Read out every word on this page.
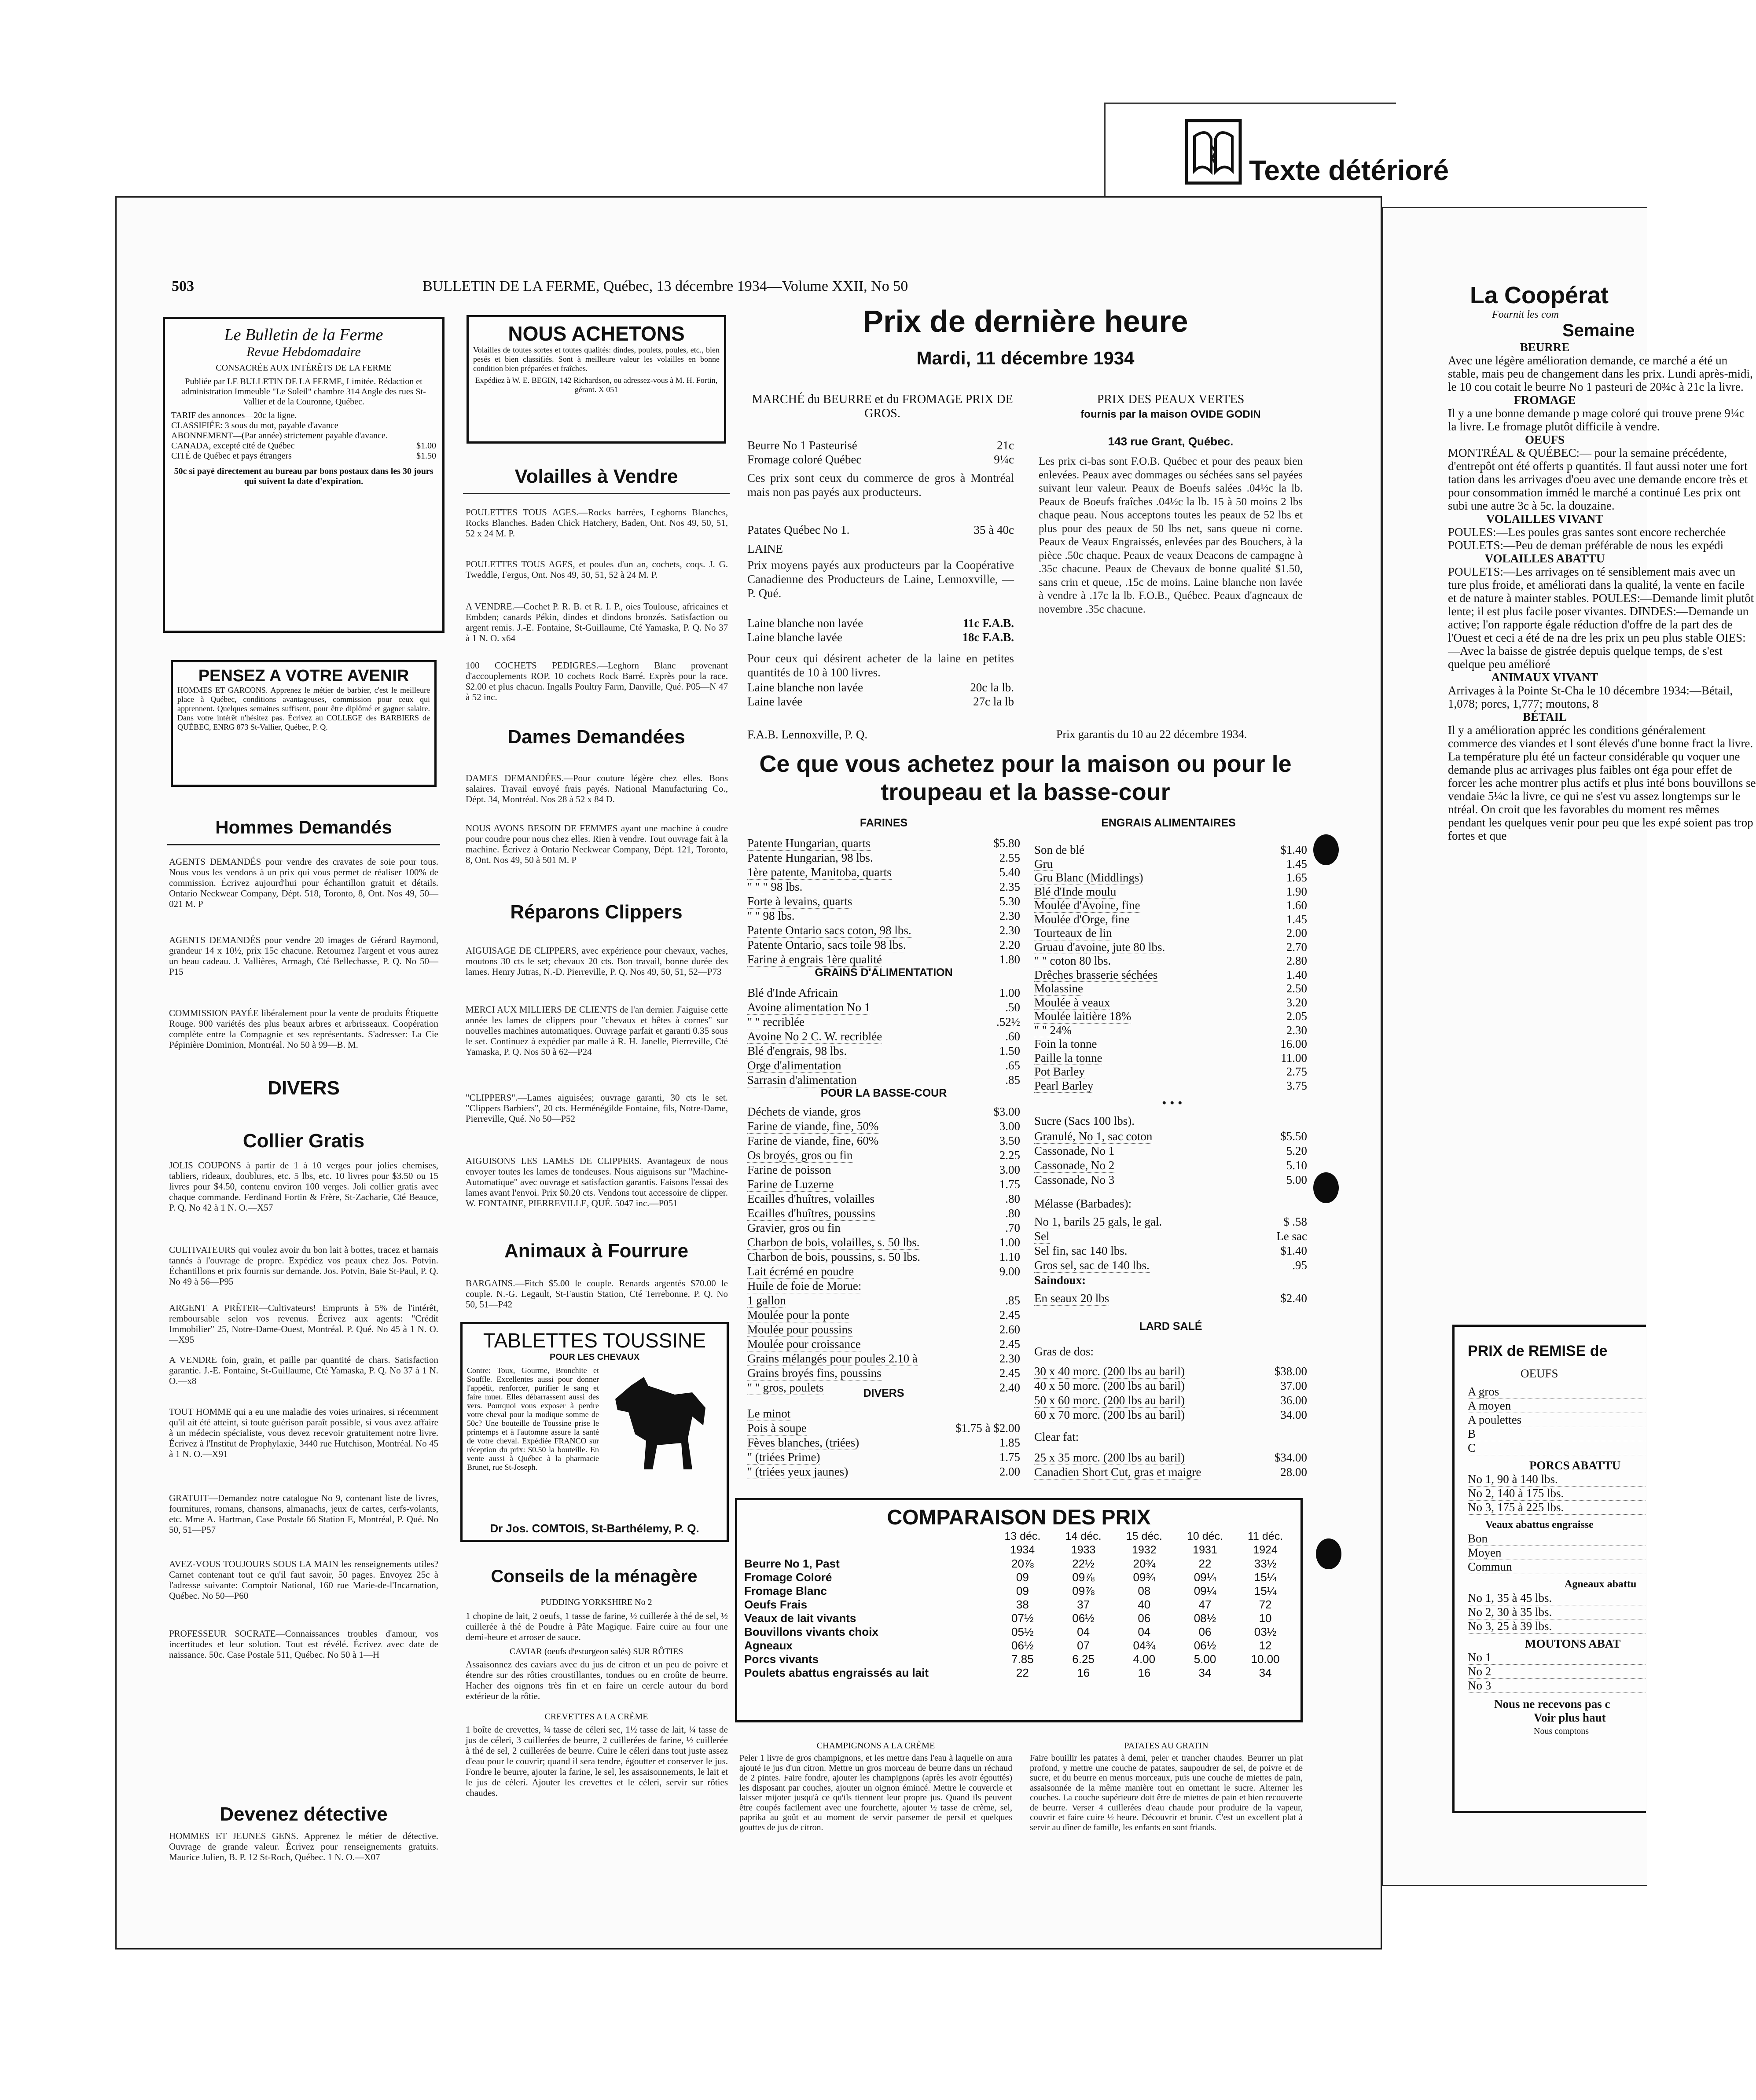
Texte détérioré
503	BULLETIN DE LA FERME, Québec, 13 décembre 1934—Volume XXII, No 50
Le Bulletin de la Ferme
Revue Hebdomadaire
CONSACRÉE AUX INTÉRÊTS DE LA FERME
Publiée par LE BULLETIN DE LA FERME, Limitée. Rédaction et administration Immeuble "Le Soleil" chambre 314 Angle des rues St-Vallier et de la Couronne, Québec.
TARIF des annonces—20c la ligne.
CLASSIFIÉE: 3 sous du mot, payable d'avance
ABONNEMENT—(Par année) strictement payable d'avance.
CANADA, excepté cité de Québec	$1.00
CITÉ de Québec et pays étrangers	$1.50
50c si payé directement au bureau par bons postaux dans les 30 jours qui suivent la date d'expiration.
PENSEZ A VOTRE AVENIR
HOMMES ET GARCONS. Apprenez le métier de barbier, c'est le meilleure place à Québec, conditions avantageuses, commission pour ceux qui apprennent. Quelques semaines suffisent, pour être diplômé et gagner salaire. Dans votre intérêt n'hésitez pas. Écrivez au COLLEGE des BARBIERS de QUÉBEC, ENRG 873 St-Vallier, Québec, P. Q.
Hommes Demandés
AGENTS DEMANDÉS pour vendre des cravates de soie pour tous. Nous vous les vendons à un prix qui vous permet de réaliser 100% de commission. Écrivez aujourd'hui pour échantillon gratuit et détails. Ontario Neckwear Company, Dépt. 518, Toronto, 8, Ont. Nos 49, 50—021 M. P
AGENTS DEMANDÉS pour vendre 20 images de Gérard Raymond, grandeur 14 x 10½, prix 15c chacune. Retournez l'argent et vous aurez un beau cadeau. J. Vallières, Armagh, Cté Bellechasse, P. Q. No 50—P15
COMMISSION PAYÉE libéralement pour la vente de produits Étiquette Rouge. 900 variétés des plus beaux arbres et arbrisseaux. Coopération complète entre la Compagnie et ses représentants. S'adresser: La Cie Pépinière Dominion, Montréal. No 50 à 99—B. M.
DIVERS
Collier Gratis
JOLIS COUPONS à partir de 1 à 10 verges pour jolies chemises, tabliers, rideaux, doublures, etc. 5 lbs, etc. 10 livres pour $3.50 ou 15 livres pour $4.50, contenu environ 100 verges. Joli collier gratis avec chaque commande. Ferdinand Fortin & Frère, St-Zacharie, Cté Beauce, P. Q. No 42 à 1 N. O.—X57
CULTIVATEURS qui voulez avoir du bon lait à bottes, tracez et harnais tannés à l'ouvrage de propre. Expédiez vos peaux chez Jos. Potvin. Échantillons et prix fournis sur demande. Jos. Potvin, Baie St-Paul, P. Q. No 49 à 56—P95
ARGENT A PRÊTER—Cultivateurs! Emprunts à 5% de l'intérêt, remboursable selon vos revenus. Écrivez aux agents: "Crédit Immobilier" 25, Notre-Dame-Ouest, Montréal. P. Qué. No 45 à 1 N. O.—X95
A VENDRE foin, grain, et paille par quantité de chars. Satisfaction garantie. J.-E. Fontaine, St-Guillaume, Cté Yamaska, P. Q. No 37 à 1 N. O.—x8
TOUT HOMME qui a eu une maladie des voies urinaires, si récemment qu'il ait été atteint, si toute guérison paraît possible, si vous avez affaire à un médecin spécialiste, vous devez recevoir gratuitement notre livre. Écrivez à l'Institut de Prophylaxie, 3440 rue Hutchison, Montréal. No 45 à 1 N. O.—X91
GRATUIT—Demandez notre catalogue No 9, contenant liste de livres, fournitures, romans, chansons, almanachs, jeux de cartes, cerfs-volants, etc. Mme A. Hartman, Case Postale 66 Station E, Montréal, P. Qué. No 50, 51—P57
AVEZ-VOUS TOUJOURS SOUS LA MAIN les renseignements utiles? Carnet contenant tout ce qu'il faut savoir, 50 pages. Envoyez 25c à l'adresse suivante: Comptoir National, 160 rue Marie-de-l'Incarnation, Québec. No 50—P60
PROFESSEUR SOCRATE—Connaissances troubles d'amour, vos incertitudes et leur solution. Tout est révélé. Écrivez avec date de naissance. 50c. Case Postale 511, Québec. No 50 à 1—H
Devenez détective
HOMMES ET JEUNES GENS. Apprenez le métier de détective. Ouvrage de grande valeur. Écrivez pour renseignements gratuits. Maurice Julien, B. P. 12 St-Roch, Québec. 1 N. O.—X07
NOUS ACHETONS
Volailles de toutes sortes et toutes qualités: dindes, poulets, poules, etc., bien pesés et bien classifiés. Sont à meilleure valeur les volailles en bonne condition bien préparées et fraîches.
Expédiez à W. E. BEGIN, 142 Richardson, ou adressez-vous à M. H. Fortin, gérant. X 051
Volailles à Vendre
POULETTES TOUS AGES.—Rocks barrées, Leghorns Blanches, Rocks Blanches. Baden Chick Hatchery, Baden, Ont. Nos 49, 50, 51, 52 x 24 M. P.
POULETTES TOUS AGES, et poules d'un an, cochets, coqs. J. G. Tweddle, Fergus, Ont. Nos 49, 50, 51, 52 à 24 M. P.
A VENDRE.—Cochet P. R. B. et R. I. P., oies Toulouse, africaines et Embden; canards Pékin, dindes et dindons bronzés. Satisfaction ou argent remis. J.-E. Fontaine, St-Guillaume, Cté Yamaska, P. Q. No 37 à 1 N. O. x64
100 COCHETS PEDIGRES.—Leghorn Blanc provenant d'accouplements ROP. 10 cochets Rock Barré. Exprès pour la race. $2.00 et plus chacun. Ingalls Poultry Farm, Danville, Qué. P05—N 47 à 52 inc.
Dames Demandées
DAMES DEMANDÉES.—Pour couture légère chez elles. Bons salaires. Travail envoyé frais payés. National Manufacturing Co., Dépt. 34, Montréal. Nos 28 à 52 x 84 D.
NOUS AVONS BESOIN DE FEMMES ayant une machine à coudre pour coudre pour nous chez elles. Rien à vendre. Tout ouvrage fait à la machine. Écrivez à Ontario Neckwear Company, Dépt. 121, Toronto, 8, Ont. Nos 49, 50 à 501 M. P
Réparons Clippers
AIGUISAGE DE CLIPPERS, avec expérience pour chevaux, vaches, moutons 30 cts le set; chevaux 20 cts. Bon travail, bonne durée des lames. Henry Jutras, N.-D. Pierreville, P. Q. Nos 49, 50, 51, 52—P73
MERCI AUX MILLIERS DE CLIENTS de l'an dernier. J'aiguise cette année les lames de clippers pour "chevaux et bêtes à cornes" sur nouvelles machines automatiques. Ouvrage parfait et garanti 0.35 sous le set. Continuez à expédier par malle à R. H. Janelle, Pierreville, Cté Yamaska, P. Q. Nos 50 à 62—P24
"CLIPPERS".—Lames aiguisées; ouvrage garanti, 30 cts le set. "Clippers Barbiers", 20 cts. Herménégilde Fontaine, fils, Notre-Dame, Pierreville, Qué. No 50—P52
AIGUISONS LES LAMES DE CLIPPERS. Avantageux de nous envoyer toutes les lames de tondeuses. Nous aiguisons sur "Machine-Automatique" avec ouvrage et satisfaction garantis. Faisons l'essai des lames avant l'envoi. Prix $0.20 cts. Vendons tout accessoire de clipper. W. FONTAINE, PIERREVILLE, QUÉ. 5047 inc.—P051
Animaux à Fourrure
BARGAINS.—Fitch $5.00 le couple. Renards argentés $70.00 le couple. N.-G. Legault, St-Faustin Station, Cté Terrebonne, P. Q. No 50, 51—P42
TABLETTES TOUSSINE
POUR LES CHEVAUX
Contre: Toux, Gourme, Bronchite et Souffle. Excellentes aussi pour donner l'appétit, renforcer, purifier le sang et faire muer. Elles débarrassent aussi des vers. Pourquoi vous exposer à perdre votre cheval pour la modique somme de 50c? Une bouteille de Toussine prise le printemps et à l'automne assure la santé de votre cheval. Expédiée FRANCO sur réception du prix: $0.50 la bouteille. En vente aussi à Québec à la pharmacie Brunet, rue St-Joseph.
Dr Jos. COMTOIS, St-Barthélemy, P. Q.
Conseils de la ménagère
PUDDING YORKSHIRE No 2
1 chopine de lait, 2 oeufs, 1 tasse de farine, ½ cuillerée à thé de sel, ½ cuillerée à thé de Poudre à Pâte Magique. Faire cuire au four une demi-heure et arroser de sauce.
CAVIAR (oeufs d'esturgeon salés) SUR RÔTIES
Assaisonnez des caviars avec du jus de citron et un peu de poivre et étendre sur des rôties croustillantes, tondues ou en croûte de beurre. Hacher des oignons très fin et en faire un cercle autour du bord extérieur de la rôtie.
CREVETTES A LA CRÈME
1 boîte de crevettes, ¾ tasse de céleri sec, 1½ tasse de lait, ¼ tasse de jus de céleri, 3 cuillerées de beurre, 2 cuillerées de farine, ½ cuillerée à thé de sel, 2 cuillerées de beurre. Cuire le céleri dans tout juste assez d'eau pour le couvrir; quand il sera tendre, égoutter et conserver le jus. Fondre le beurre, ajouter la farine, le sel, les assaisonnements, le lait et le jus de céleri. Ajouter les crevettes et le céleri, servir sur rôties chaudes.
Prix de dernière heure
Mardi, 11 décembre 1934
MARCHÉ du BEURRE et du FROMAGE PRIX DE GROS.
Beurre No 1 Pasteurisé	21c
Fromage coloré Québec	9¼c
Ces prix sont ceux du commerce de gros à Montréal mais non pas payés aux producteurs.
Patates Québec No 1.	35 à 40c
LAINE
Prix moyens payés aux producteurs par la Coopérative Canadienne des Producteurs de Laine, Lennoxville, —P. Qué.
Laine blanche non lavée	11c F.A.B.
Laine blanche lavée	18c F.A.B.
Pour ceux qui désirent acheter de la laine en petites quantités de 10 à 100 livres.
Laine blanche non lavée	20c la lb.
Laine lavée	27c la lb
F.A.B. Lennoxville, P. Q.
PRIX DES PEAUX VERTES
fournis par la maison OVIDE GODIN
143 rue Grant, Québec.
Les prix ci-bas sont F.O.B. Québec et pour des peaux bien enlevées. Peaux avec dommages ou séchées sans sel payées suivant leur valeur. Peaux de Boeufs salées .04½c la lb. Peaux de Boeufs fraîches .04½c la lb. 15 à 50 moins 2 lbs chaque peau. Nous acceptons toutes les peaux de 52 lbs et plus pour des peaux de 50 lbs net, sans queue ni corne. Peaux de Veaux Engraissés, enlevées par des Bouchers, à la pièce .50c chaque. Peaux de veaux Deacons de campagne à .35c chacune. Peaux de Chevaux de bonne qualité $1.50, sans crin et queue, .15c de moins. Laine blanche non lavée à vendre à .17c la lb. F.O.B., Québec. Peaux d'agneaux de novembre .35c chacune.
Prix garantis du 10 au 22 décembre 1934.
Ce que vous achetez pour la maison ou pour le troupeau et la basse-cour
FARINES
Patente Hungarian, quarts	$5.80
Patente Hungarian, 98 lbs.	2.55
1ère patente, Manitoba, quarts	5.40
" " " 98 lbs.	2.35
Forte à levains, quarts	5.30
" " 98 lbs.	2.30
Patente Ontario sacs coton, 98 lbs.	2.30
Patente Ontario, sacs toile 98 lbs.	2.20
Farine à engrais 1ère qualité	1.80
GRAINS D'ALIMENTATION
Blé d'Inde Africain	1.00
Avoine alimentation No 1	.50
" " recriblée	.52½
Avoine No 2 C. W. recriblée	.60
Blé d'engrais, 98 lbs.	1.50
Orge d'alimentation	.65
Sarrasin d'alimentation	.85
POUR LA BASSE-COUR
Déchets de viande, gros	$3.00
Farine de viande, fine, 50%	3.00
Farine de viande, fine, 60%	3.50
Os broyés, gros ou fin	2.25
Farine de poisson	3.00
Farine de Luzerne	1.75
Ecailles d'huîtres, volailles	.80
Ecailles d'huîtres, poussins	.80
Gravier, gros ou fin	.70
Charbon de bois, volailles, s. 50 lbs.	1.00
Charbon de bois, poussins, s. 50 lbs.	1.10
Lait écrémé en poudre	9.00
Huile de foie de Morue:
1 gallon	.85
Moulée pour la ponte	2.45
Moulée pour poussins	2.60
Moulée pour croissance	2.45
Grains mélangés pour poules 2.10 à	2.30
Grains broyés fins, poussins	2.45
" " gros, poulets	2.40
DIVERS
Le minot
Pois à soupe	$1.75 à $2.00
Fèves blanches, (triées)	1.85
" (triées Prime)	1.75
" (triées yeux jaunes)	2.00
ENGRAIS ALIMENTAIRES
Son de blé	$1.40
Gru	1.45
Gru Blanc (Middlings)	1.65
Blé d'Inde moulu	1.90
Moulée d'Avoine, fine	1.60
Moulée d'Orge, fine	1.45
Tourteaux de lin	2.00
Gruau d'avoine, jute 80 lbs.	2.70
" " coton 80 lbs.	2.80
Drêches brasserie séchées	1.40
Molassine	2.50
Moulée à veaux	3.20
Moulée laitière 18%	2.05
" " 24%	2.30
Foin la tonne	16.00
Paille la tonne	11.00
Pot Barley	2.75
Pearl Barley	3.75
• • •
Sucre (Sacs 100 lbs).
Granulé, No 1, sac coton	$5.50
Cassonade, No 1	5.20
Cassonade, No 2	5.10
Cassonade, No 3	5.00
Mélasse (Barbades):
No 1, barils 25 gals, le gal.	$ .58
Sel	Le sac
Sel fin, sac 140 lbs.	$1.40
Gros sel, sac de 140 lbs.	.95
Saindoux:
En seaux 20 lbs	$2.40
LARD SALÉ
Gras de dos:
30 x 40 morc. (200 lbs au baril)	$38.00
40 x 50 morc. (200 lbs au baril)	37.00
50 x 60 morc. (200 lbs au baril)	36.00
60 x 70 morc. (200 lbs au baril)	34.00
Clear fat:
25 x 35 morc. (200 lbs au baril)	$34.00
Canadien Short Cut, gras et maigre	28.00
COMPARAISON DES PRIX
	13 déc.	14 déc.	15 déc.	10 déc.	11 déc.
	1934	1933	1932	1931	1924
Beurre No 1, Past	20⅞	22½	20¾	22	33½
Fromage Coloré	09	09⅞	09¾	09¼	15¼
Fromage Blanc	09	09⅞	08	09¼	15¼
Oeufs Frais	38	37	40	47	72
Veaux de lait vivants	07½	06½	06	08½	10
Bouvillons vivants choix	05½	04	04	06	03½
Agneaux	06½	07	04¾	06½	12
Porcs vivants	7.85	6.25	4.00	5.00	10.00
Poulets abattus engraissés au lait	22	16	16	34	34
CHAMPIGNONS A LA CRÈME
Peler 1 livre de gros champignons, et les mettre dans l'eau à laquelle on aura ajouté le jus d'un citron. Mettre un gros morceau de beurre dans un réchaud de 2 pintes. Faire fondre, ajouter les champignons (après les avoir égouttés) les disposant par couches, ajouter un oignon émincé. Mettre le couvercle et laisser mijoter jusqu'à ce qu'ils tiennent leur propre jus. Quand ils peuvent être coupés facilement avec une fourchette, ajouter ½ tasse de crème, sel, paprika au goût et au moment de servir parsemer de persil et quelques gouttes de jus de citron.
PATATES AU GRATIN
Faire bouillir les patates à demi, peler et trancher chaudes. Beurrer un plat profond, y mettre une couche de patates, saupoudrer de sel, de poivre et de sucre, et du beurre en menus morceaux, puis une couche de miettes de pain, assaisonnée de la même manière tout en omettant le sucre. Alterner les couches. La couche supérieure doit être de miettes de pain et bien recouverte de beurre. Verser 4 cuillerées d'eau chaude pour produire de la vapeur, couvrir et faire cuire ½ heure. Découvrir et brunir. C'est un excellent plat à servir au dîner de famille, les enfants en sont friands.
La Coopérat
Fournit les com
Semaine
BEURRE
Avec une légère amélioration demande, ce marché a été un stable, mais peu de changement dans les prix. Lundi après-midi, le 10 cou cotait le beurre No 1 pasteuri de 20¾c à 21c la livre.
FROMAGE
Il y a une bonne demande p mage coloré qui trouve prene 9¼c la livre. Le fromage plutôt difficile à vendre.
OEUFS
MONTRÉAL & QUÉBEC:— pour la semaine précédente, d'entrepôt ont été offerts p quantités. Il faut aussi noter une fort tation dans les arrivages d'oeu avec une demande encore très et pour consommation imméd le marché a continué Les prix ont subi une autre 3c à 5c. la douzaine.
VOLAILLES VIVANT
POULES:—Les poules gras santes sont encore recherchée POULETS:—Peu de deman préférable de nous les expédi
VOLAILLES ABATTU
POULETS:—Les arrivages on té sensiblement mais avec un ture plus froide, et améliorati dans la qualité, la vente en facile et de nature à mainter stables. POULES:—Demande limit plutôt lente; il est plus facile poser vivantes. DINDES:—Demande un active; l'on rapporte égale réduction d'offre de la part des de l'Ouest et ceci a été de na dre les prix un peu plus stable OIES:—Avec la baisse de gistrée depuis quelque temps, de s'est quelque peu amélioré
ANIMAUX VIVANT
Arrivages à la Pointe St-Cha le 10 décembre 1934:—Bétail, 1,078; porcs, 1,777; moutons, 8
BÉTAIL
Il y a amélioration appréc les conditions généralement commerce des viandes et l sont élevés d'une bonne fract la livre. La température plu été un facteur considérable qu voquer une demande plus ac arrivages plus faibles ont éga pour effet de forcer les ache montrer plus actifs et plus inté bons bouvillons se vendaie 5¼c la livre, ce qui ne s'est vu assez longtemps sur le ntréal. On croit que les favorables du moment res mêmes pendant les quelques venir pour peu que les expé soient pas trop fortes et que
PRIX de REMISE de
OEUFS
A gros
A moyen
A poulettes
B
C
PORCS ABATTU
No 1, 90 à 140 lbs.
No 2, 140 à 175 lbs.
No 3, 175 à 225 lbs.
Veaux abattus engraisse
Bon
Moyen
Commun
Agneaux abattu
No 1, 35 à 45 lbs.
No 2, 30 à 35 lbs.
No 3, 25 à 39 lbs.
MOUTONS ABAT
No 1
No 2
No 3
Nous ne recevons pas c
Voir plus haut
Nous comptons
